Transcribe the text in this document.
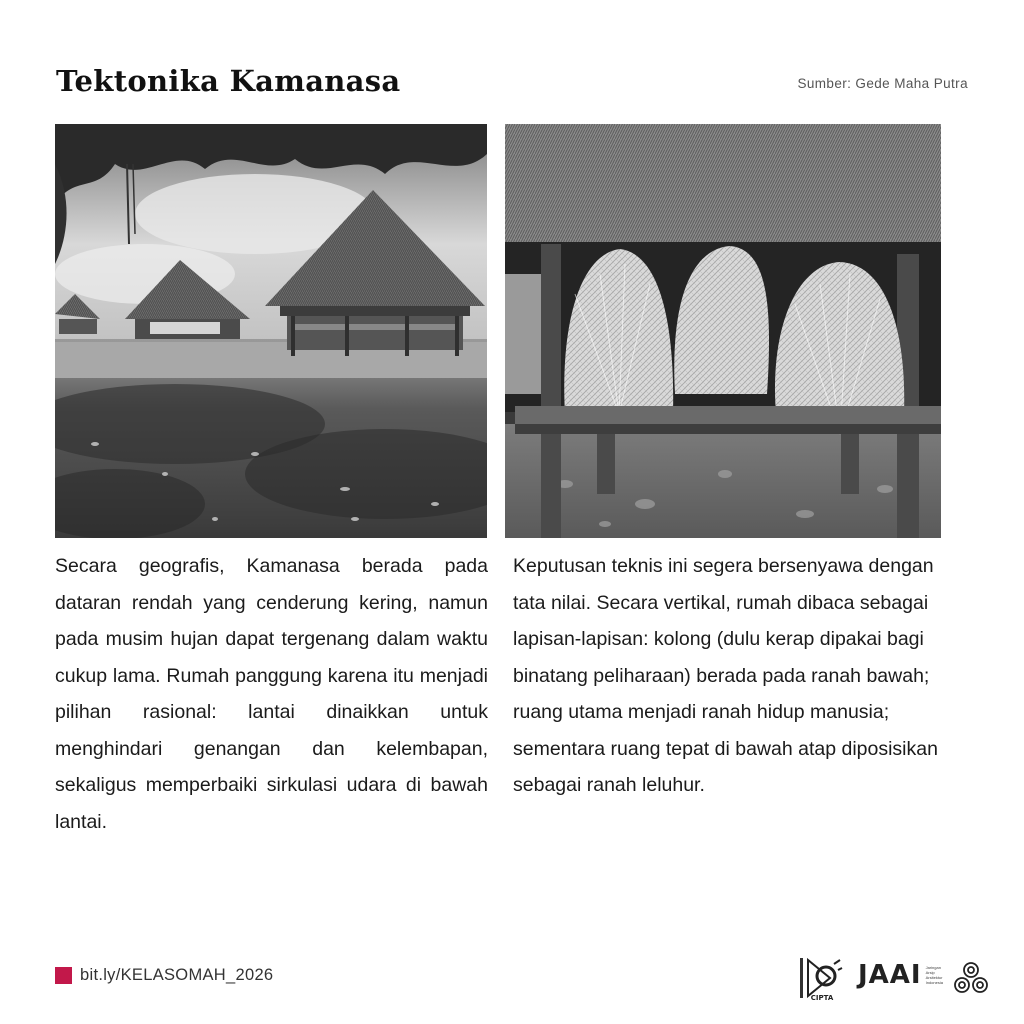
Tektonika Kamanasa	Sumber: Gede Maha Putra

Secara geografis, Kamanasa berada pada dataran rendah yang cenderung kering, namun pada musim hujan dapat tergenang dalam waktu cukup lama. Rumah panggung karena itu menjadi pilihan rasional: lantai dinaikkan untuk menghindari genangan dan kelembapan, sekaligus memperbaiki sirkulasi udara di bawah lantai.

Keputusan teknis ini segera bersenyawa dengan tata nilai. Secara vertikal, rumah dibaca sebagai lapisan-lapisan: kolong (dulu kerap dipakai bagi binatang peliharaan) berada pada ranah bawah; ruang utama menjadi ranah hidup manusia; sementara ruang tepat di bawah atap diposisikan sebagai ranah leluhur.

bit.ly/KELASOMAH_2026
CIPTA
JAAI Jaringan Arsip Arsitektur Indonesia
